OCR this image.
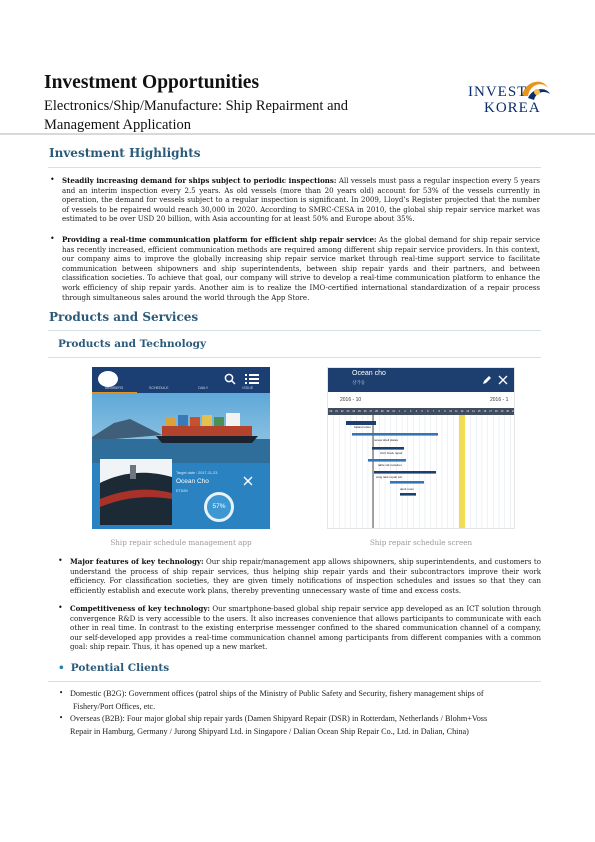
Investment Opportunities
Electronics/Ship/Manufacture: Ship Repairment and
Management Application
INVEST
KOREA
Investment Highlights
• Steadily increasing demand for ships subject to periodic inspections: All vessels must pass a regular inspection every 5 years and an interim inspection every 2.5 years. As old vessels (more than 20 years old) account for 53% of the vessels currently in operation, the demand for vessels subject to a regular inspection is significant. In 2009, Lloyd’s Register projected that the number of vessels to be repaired would reach 30,000 in 2020. According to SMRC-CESA in 2010, the global ship repair service market was estimated to be over USD 20 billion, with Asia accounting for at least 50% and Europe about 35%.
• Providing a real-time communication platform for efficient ship repair service: As the global demand for ship repair service has recently increased, efficient communication methods are required among different ship repair service providers. In this context, our company aims to improve the globally increasing ship repair service market through real-time support service to facilitate communication between shipowners and ship superintendents, between ship repair yards and their partners, and between classification societies. To achieve that goal, our company will strive to develop a real-time communication platform to enhance the work efficiency of ship repair yards. Another aim is to realize the IMO-certified international standardization of a repair process through simultaneous sales around the world through the App Store.
Products and Services
Products and Technology
MEMBERS	SCHEDULE	DAILY	ISSUE
Target date : 2017-11-23
Ocean Cho
ETD/IN
57%
Ship repair schedule management app
Ocean cho
상가동
2016 - 10	2016 - 1
20	21	22	23	24	25	26	27	28	29	30	31	1	2	3	4	5	6	7	8	9	10	11	12	13	14	15	16	17	18	19	20	21
ballast tubes
renew shell plates
ACC Deck repair
table rail curtainer
wing tank repair job
deck room
Ship repair schedule screen
• Major features of key technology: Our ship repair/management app allows shipowners, ship superintendents, and customers to understand the process of ship repair services, thus helping ship repair yards and their subcontractors improve their work efficiency. For classification societies, they are given timely notifications of inspection schedules and issues so that they can efficiently establish and execute work plans, thereby preventing unnecessary waste of time and excess costs.
• Competitiveness of key technology: Our smartphone-based global ship repair service app developed as an ICT solution through convergence R&D is very accessible to the users. It also increases convenience that allows participants to communicate with each other in real time. In contrast to the existing enterprise messenger confined to the shared communication channel of a company, our self-developed app provides a real-time communication channel among participants from different companies with a common goal: ship repair. Thus, it has opened up a new market.
• Potential Clients
• Domestic (B2G): Government offices (patrol ships of the Ministry of Public Safety and Security, fishery management ships of
Fishery/Port Offices, etc.
• Overseas (B2B): Four major global ship repair yards (Damen Shipyard Repair (DSR) in Rotterdam, Netherlands / Blohm+Voss
Repair in Hamburg, Germany / Jurong Shipyard Ltd. in Singapore / Dalian Ocean Ship Repair Co., Ltd. in Dalian, China)
